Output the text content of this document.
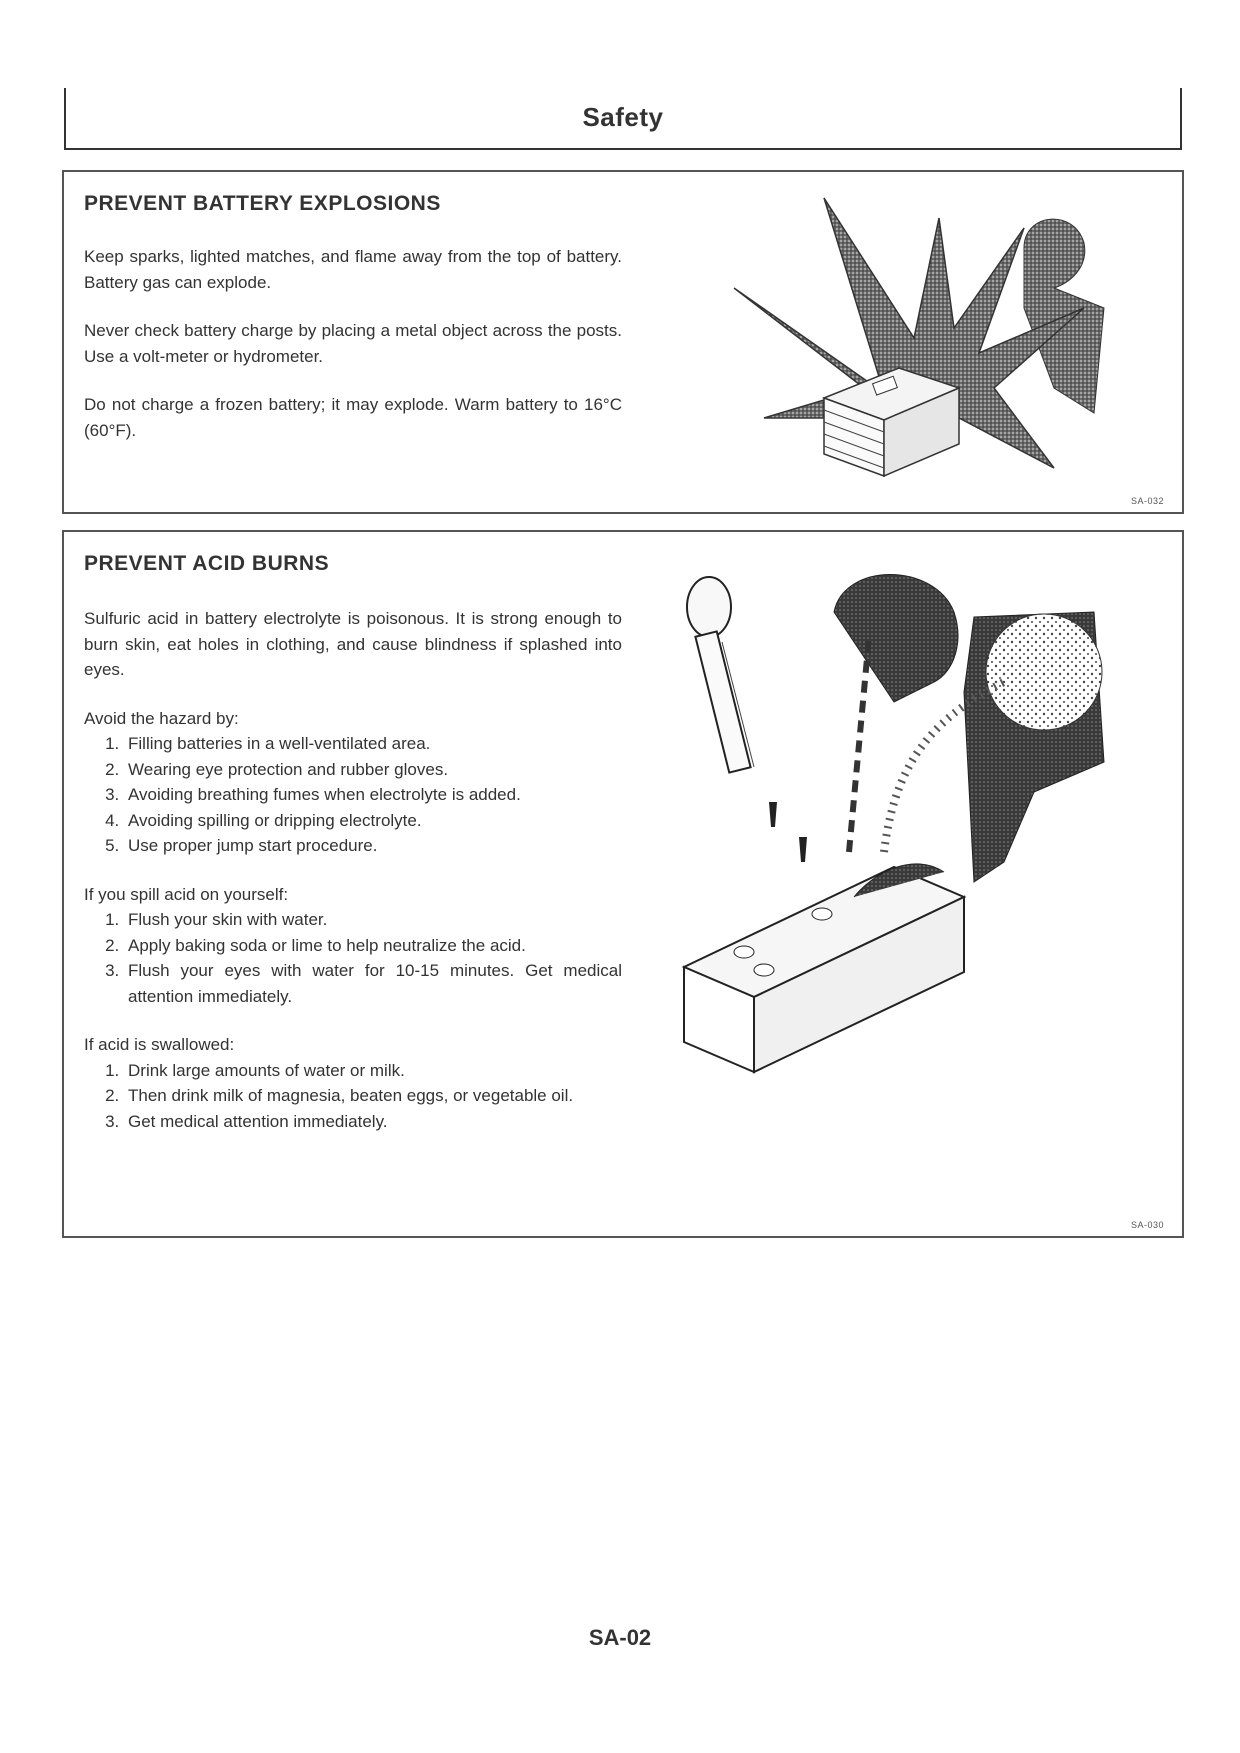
Safety
PREVENT BATTERY EXPLOSIONS

Keep sparks, lighted matches, and flame away from the top of battery. Battery gas can explode.

Never check battery charge by placing a metal object across the posts. Use a volt-meter or hydrometer.

Do not charge a frozen battery; it may explode. Warm battery to 16°C (60°F).

SA-032
PREVENT ACID BURNS

Sulfuric acid in battery electrolyte is poisonous. It is strong enough to burn skin, eat holes in clothing, and cause blindness if splashed into eyes.

Avoid the hazard by:

1. Filling batteries in a well-ventilated area.
2. Wearing eye protection and rubber gloves.
3. Avoiding breathing fumes when electrolyte is added.
4. Avoiding spilling or dripping electrolyte.
5. Use proper jump start procedure.

If you spill acid on yourself:

1. Flush your skin with water.
2. Apply baking soda or lime to help neutralize the acid.
3. Flush your eyes with water for 10-15 minutes. Get medical attention immediately.

If acid is swallowed:

1. Drink large amounts of water or milk.
2. Then drink milk of magnesia, beaten eggs, or vegetable oil.
3. Get medical attention immediately.
SA-030
SA-02
